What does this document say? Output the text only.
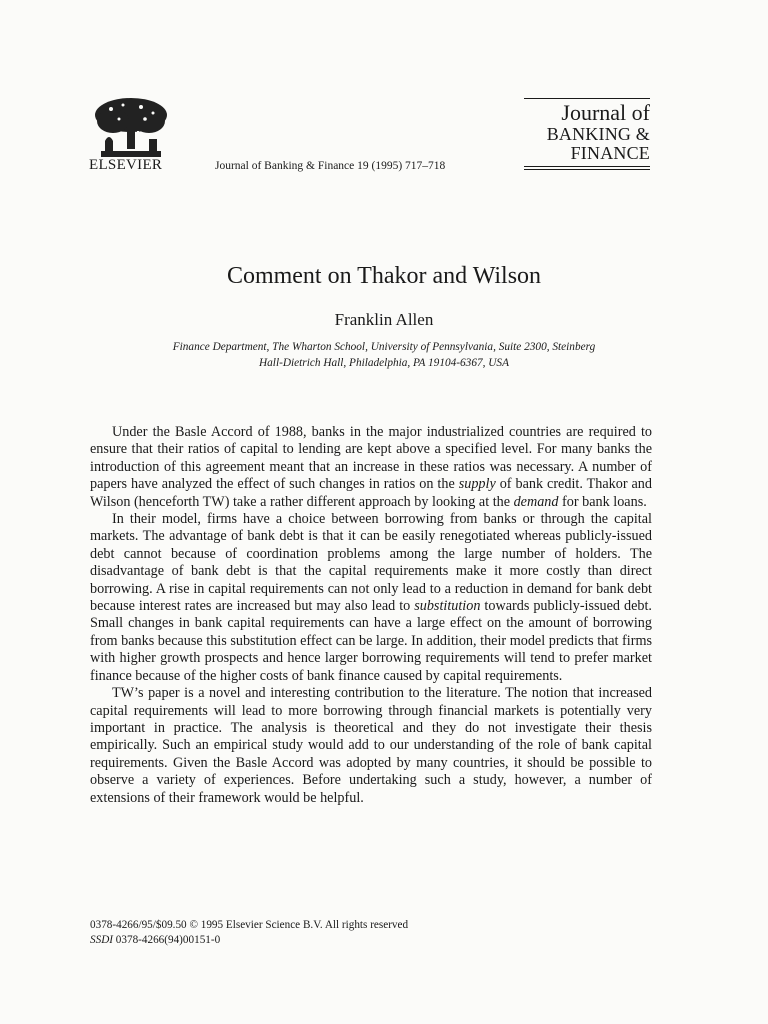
ELSEVIER	Journal of Banking & Finance 19 (1995) 717–718
Journal of
BANKING &
FINANCE
Comment on Thakor and Wilson
Franklin Allen
Finance Department, The Wharton School, University of Pennsylvania, Suite 2300, Steinberg
Hall-Dietrich Hall, Philadelphia, PA 19104-6367, USA

Under the Basle Accord of 1988, banks in the major industrialized countries are required to ensure that their ratios of capital to lending are kept above a specified level. For many banks the introduction of this agreement meant that an increase in these ratios was necessary. A number of papers have analyzed the effect of such changes in ratios on the supply of bank credit. Thakor and Wilson (henceforth TW) take a rather different approach by looking at the demand for bank loans.

In their model, firms have a choice between borrowing from banks or through the capital markets. The advantage of bank debt is that it can be easily renegotiated whereas publicly-issued debt cannot because of coordination problems among the large number of holders. The disadvantage of bank debt is that the capital requirements make it more costly than direct borrowing. A rise in capital requirements can not only lead to a reduction in demand for bank debt because interest rates are increased but may also lead to substitution towards publicly-issued debt. Small changes in bank capital requirements can have a large effect on the amount of borrowing from banks because this substitution effect can be large. In addition, their model predicts that firms with higher growth prospects and hence larger borrowing requirements will tend to prefer market finance because of the higher costs of bank finance caused by capital requirements.

TW’s paper is a novel and interesting contribution to the literature. The notion that increased capital requirements will lead to more borrowing through financial markets is potentially very important in practice. The analysis is theoretical and they do not investigate their thesis empirically. Such an empirical study would add to our understanding of the role of bank capital requirements. Given the Basle Accord was adopted by many countries, it should be possible to observe a variety of experiences. Before undertaking such a study, however, a number of extensions of their framework would be helpful.

0378-4266/95/$09.50 © 1995 Elsevier Science B.V. All rights reserved
SSDI 0378-4266(94)00151-0
